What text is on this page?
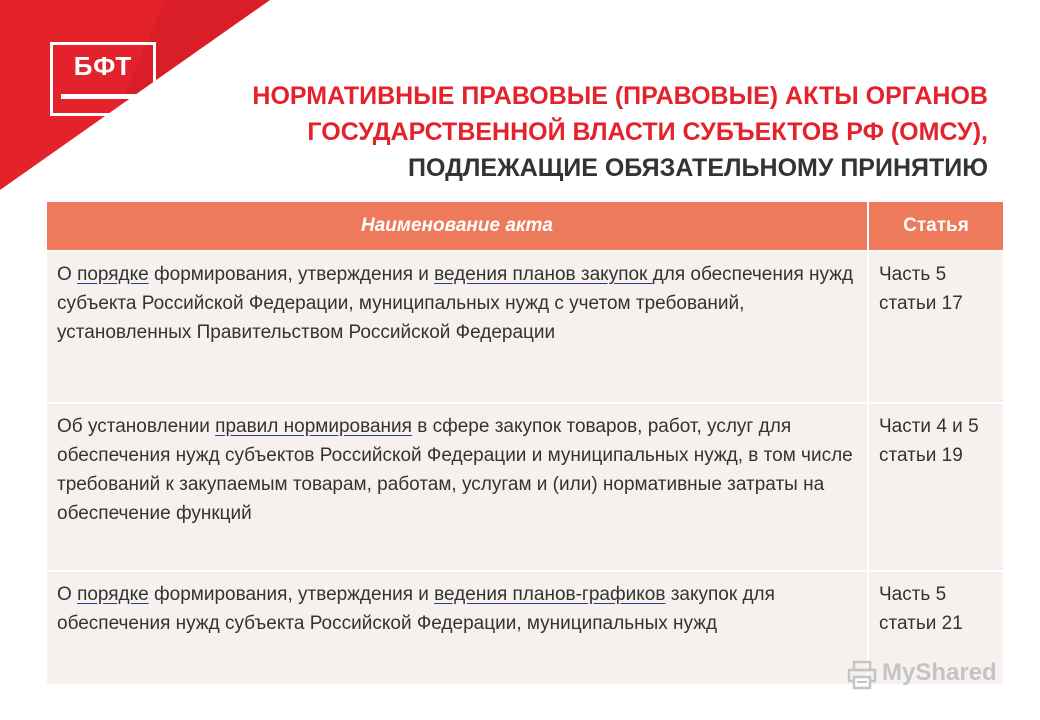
БФТ
IBS	НОРМАТИВНЫЕ ПРАВОВЫЕ (ПРАВОВЫЕ) АКТЫ ОРГАНОВ
ГОСУДАРСТВЕННОЙ ВЛАСТИ СУБЪЕКТОВ РФ (ОМСУ),
ПОДЛЕЖАЩИЕ ОБЯЗАТЕЛЬНОМУ ПРИНЯТИЮ
Наименование акта	Статья
О порядке формирования, утверждения и ведения планов закупок для обеспечения нужд субъекта Российской Федерации, муниципальных нужд с учетом требований, установленных Правительством Российской Федерации	Часть 5 статьи 17
Об установлении правил нормирования в сфере закупок товаров, работ, услуг для обеспечения нужд субъектов Российской Федерации и муниципальных нужд, в том числе требований к закупаемым товарам, работам, услугам и (или) нормативные затраты на обеспечение функций	Части 4 и 5 статьи 19
О порядке формирования, утверждения и ведения планов-графиков закупок для обеспечения нужд субъекта Российской Федерации, муниципальных нужд	Часть 5 статьи 21
MyShared
